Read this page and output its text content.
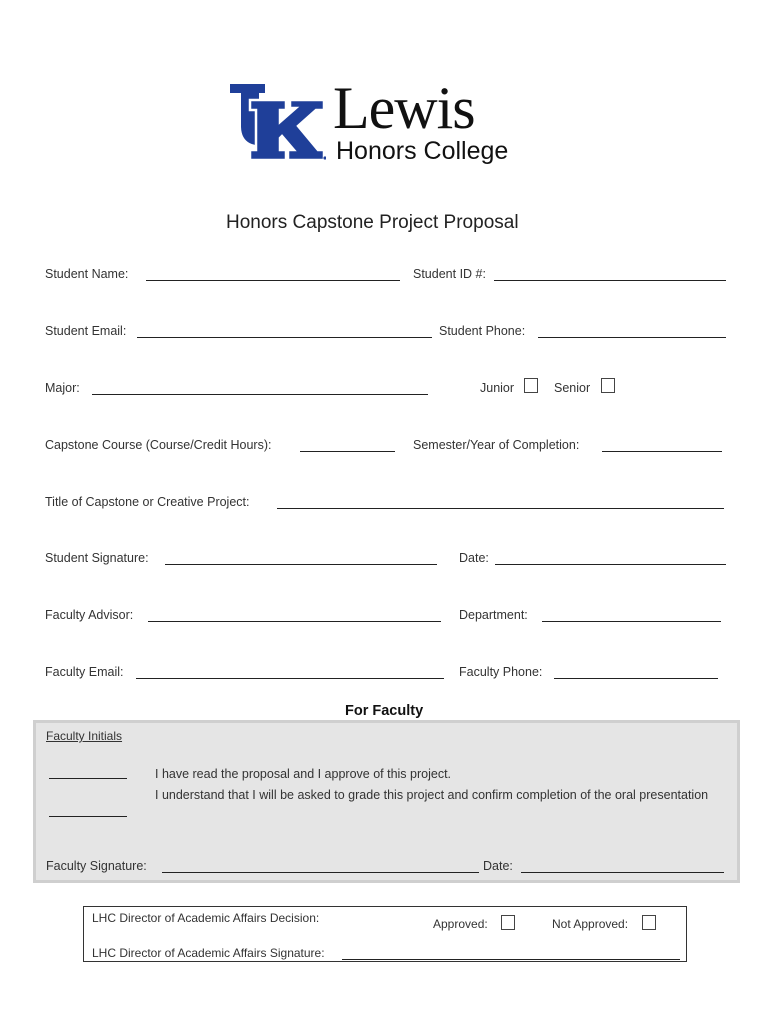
Lewis
Honors College
Honors Capstone Project Proposal
Student Name:	Student ID #:
Student Email:	Student Phone:
Major:	Junior	Senior
Capstone Course (Course/Credit Hours):	Semester/Year of Completion:
Title of Capstone or Creative Project:
Student Signature:	Date:
Faculty Advisor:	Department:
Faculty Email:	Faculty Phone:
For Faculty
Faculty Initials
I have read the proposal and I approve of this project.
I understand that I will be asked to grade this project and confirm completion of the oral presentation
Faculty Signature:	Date:
LHC Director of Academic Affairs Decision:	Approved:	Not Approved:
LHC Director of Academic Affairs Signature:
